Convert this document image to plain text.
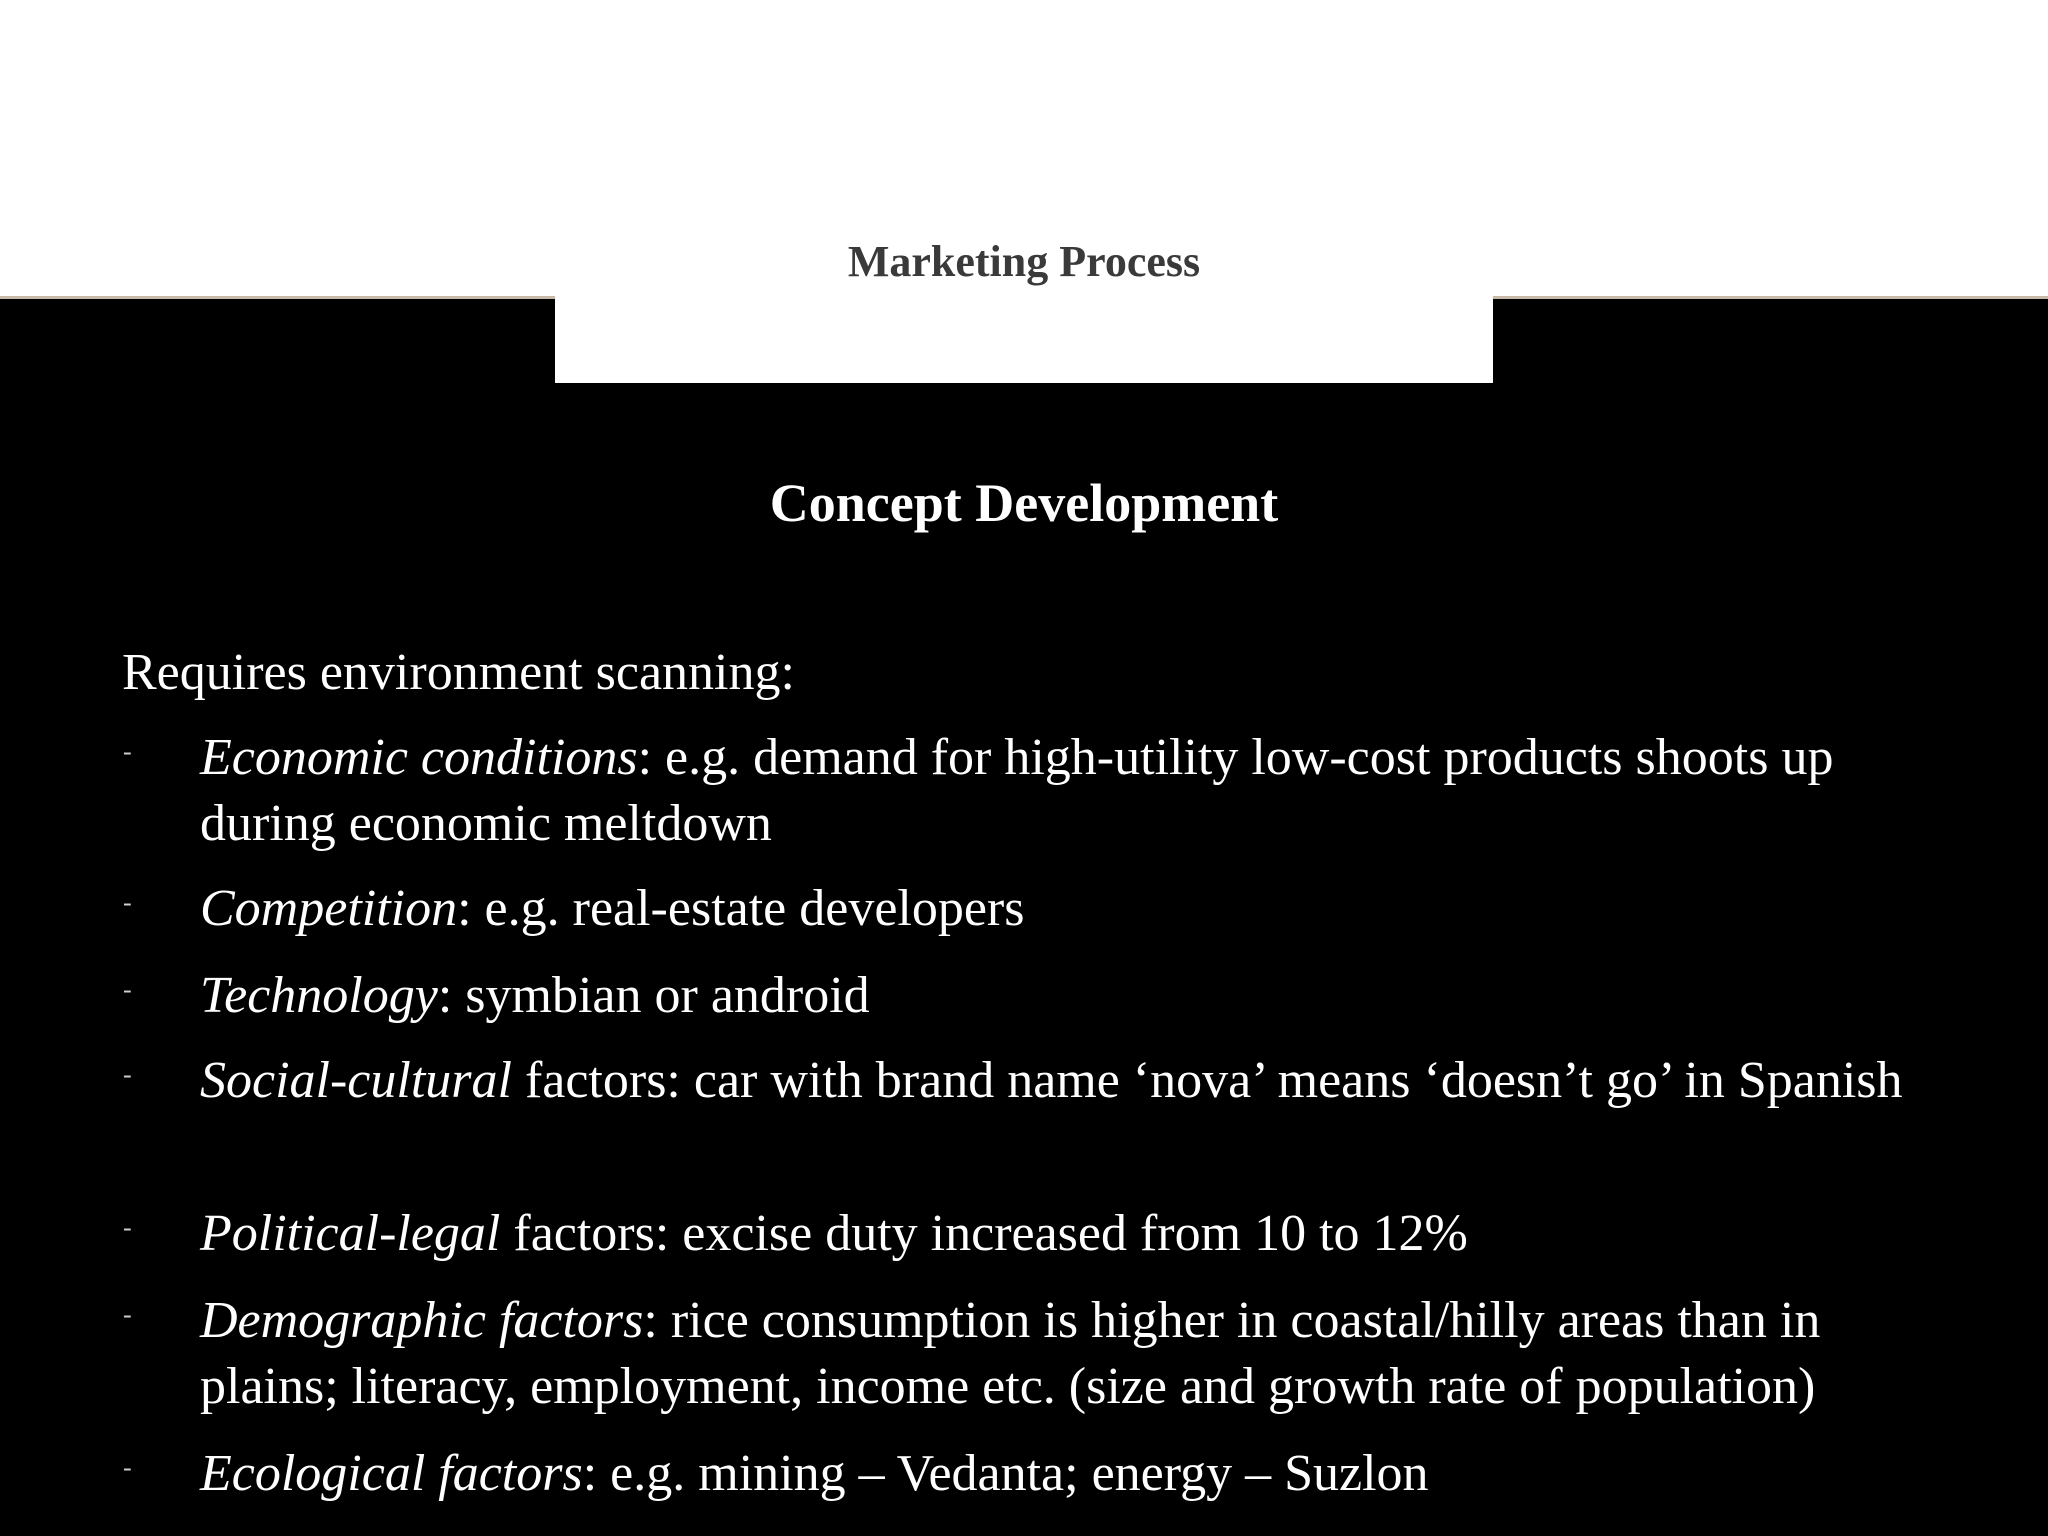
Marketing Process
Concept Development

Requires environment scanning:

- Economic conditions: e.g. demand for high-utility low-cost products shoots up during economic meltdown
- Competition: e.g. real-estate developers
- Technology: symbian or android
- Social-cultural factors: car with brand name ‘nova’ means ‘doesn’t go’ in Spanish
- Political-legal factors: excise duty increased from 10 to 12%
- Demographic factors: rice consumption is higher in coastal/hilly areas than in plains; literacy, employment, income etc. (size and growth rate of population)
- Ecological factors: e.g. mining – Vedanta; energy – Suzlon
